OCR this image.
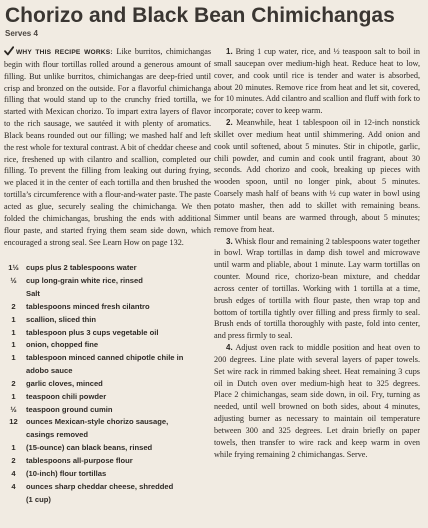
Chorizo and Black Bean Chimichangas
Serves 4

WHY THIS RECIPE WORKS: Like burritos, chimichangas begin with flour tortillas rolled around a generous amount of filling. But unlike burritos, chimichangas are deep-fried until crisp and bronzed on the outside. For a flavorful chimichanga filling that would stand up to the crunchy fried tortilla, we started with Mexican chorizo. To impart extra layers of flavor to the rich sausage, we sautéed it with plenty of aromatics. Black beans rounded out our filling; we mashed half and left the rest whole for textural contrast. A bit of cheddar cheese and rice, freshened up with cilantro and scallion, completed our filling. To prevent the filling from leaking out during frying, we placed it in the center of each tortilla and then brushed the tortilla’s circumference with a flour-and-water paste. The paste acted as glue, securely sealing the chimichanga. We then folded the chimichangas, brushing the ends with additional flour paste, and started frying them seam side down, which encouraged a strong seal. See Learn How on page 132.

1½ cups plus 2 tablespoons water
½	cup long-grain white rice, rinsed
Salt
2	tablespoons minced fresh cilantro
1	scallion, sliced thin
1	tablespoon plus 3 cups vegetable oil
1	onion, chopped fine
1	tablespoon minced canned chipotle chile in
adobo sauce
2	garlic cloves, minced
1	teaspoon chili powder
½	teaspoon ground cumin
12	ounces Mexican-style chorizo sausage,
casings removed
1	(15-ounce) can black beans, rinsed
2	tablespoons all-purpose flour
4	(10-inch) flour tortillas
4	ounces sharp cheddar cheese, shredded
(1 cup)

1. Bring 1 cup water, rice, and ½ teaspoon salt to boil in small saucepan over medium-high heat. Reduce heat to low, cover, and cook until rice is tender and water is absorbed, about 20 minutes. Remove rice from heat and let sit, covered, for 10 minutes. Add cilantro and scallion and fluff with fork to incorporate; cover to keep warm.

2. Meanwhile, heat 1 tablespoon oil in 12-inch nonstick skillet over medium heat until shimmering. Add onion and cook until softened, about 5 minutes. Stir in chipotle, garlic, chili powder, and cumin and cook until fragrant, about 30 seconds. Add chorizo and cook, breaking up pieces with wooden spoon, until no longer pink, about 5 minutes. Coarsely mash half of beans with ½ cup water in bowl using potato masher, then add to skillet with remaining beans. Simmer until beans are warmed through, about 5 minutes; remove from heat.

3. Whisk flour and remaining 2 tablespoons water together in bowl. Wrap tortillas in damp dish towel and microwave until warm and pliable, about 1 minute. Lay warm tortillas on counter. Mound rice, chorizo-bean mixture, and cheddar across center of tortillas. Working with 1 tortilla at a time, brush edges of tortilla with flour paste, then wrap top and bottom of tortilla tightly over filling and press firmly to seal. Brush ends of tortilla thoroughly with paste, fold into center, and press firmly to seal.

4. Adjust oven rack to middle position and heat oven to 200 degrees. Line plate with several layers of paper towels. Set wire rack in rimmed baking sheet. Heat remaining 3 cups oil in Dutch oven over medium-high heat to 325 degrees. Place 2 chimichangas, seam side down, in oil. Fry, turning as needed, until well browned on both sides, about 4 minutes, adjusting burner as necessary to maintain oil temperature between 300 and 325 degrees. Let drain briefly on paper towels, then transfer to wire rack and keep warm in oven while frying remaining 2 chimichangas. Serve.
